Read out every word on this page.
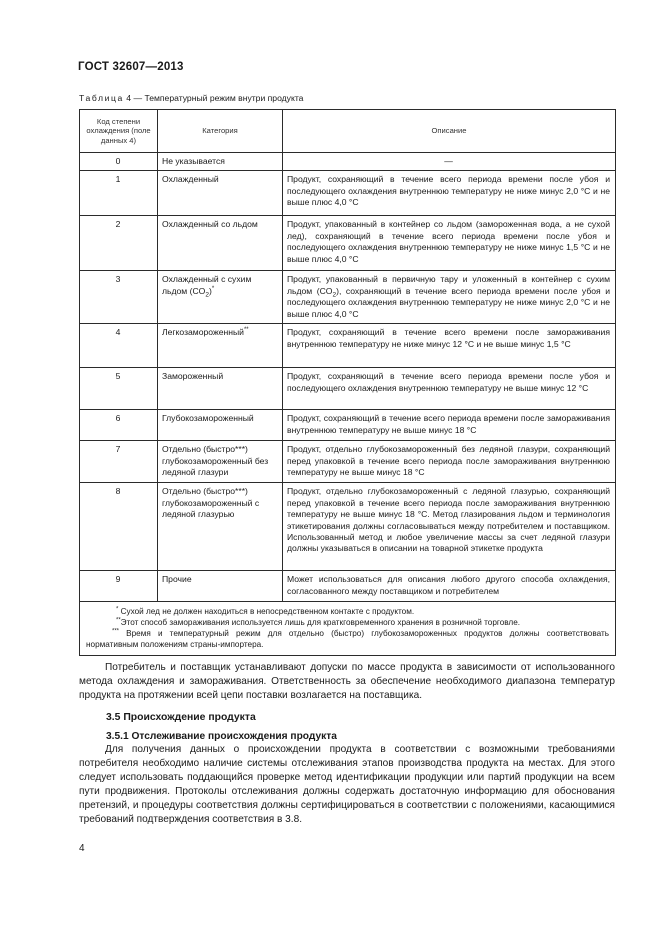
ГОСТ 32607—2013
Таблица 4 — Температурный режим внутри продукта
Код степени охлаждения (поле данных 4)	Категория	Описание
0	Не указывается	—
1	Охлажденный	Продукт, сохраняющий в течение всего периода времени после убоя и последующего охлаждения внутреннюю температуру не ниже минус 2,0 °C и не выше плюс 4,0 °C
2	Охлажденный со льдом	Продукт, упакованный в контейнер со льдом (замороженная вода, а не сухой лед), сохраняющий в течение всего периода времени после убоя и последующего охлаждения внутреннюю температуру не ниже минус 1,5 °C и не выше плюс 4,0 °C
3	Охлажденный с сухим льдом $(CO_2)^*$	Продукт, упакованный в первичную тару и уложенный в контейнер с сухим льдом $(CO_2)$, сохраняющий в течение всего периода времени после убоя и последующего охлаждения внутреннюю температуру не ниже минус 2,0 °C и не выше плюс 4,0 °C
4	Легкозамороженный**	Продукт, сохраняющий в течение всего времени после замораживания внутреннюю температуру не ниже минус 12 °C и не выше минус 1,5 °C
5	Замороженный	Продукт, сохраняющий в течение всего периода времени после убоя и последующего охлаждения внутреннюю температуру не выше минус 12 °C
6	Глубокозамороженный	Продукт, сохраняющий в течение всего периода времени после замораживания внутреннюю температуру не выше минус 18 °C
7	Отдельно (быстро***) глубокозамороженный без ледяной глазури	Продукт, отдельно глубокозамороженный без ледяной глазури, сохраняющий перед упаковкой в течение всего периода после замораживания внутреннюю температуру не выше минус 18 °C
8	Отдельно (быстро***) глубокозамороженный с ледяной глазурью	Продукт, отдельно глубокозамороженный с ледяной глазурью, сохраняющий перед упаковкой в течение всего периода после замораживания внутреннюю температуру не выше минус 18 °C. Метод глазирования льдом и терминология этикетирования должны согласовываться между потребителем и поставщиком. Использованный метод и любое увеличение массы за счет ледяной глазури должны указываться в описании на товарной этикетке продукта
9	Прочие	Может использоваться для описания любого другого способа охлаждения, согласованного между поставщиком и потребителем

* Сухой лед не должен находиться в непосредственном контакте с продуктом.
**Этот способ замораживания используется лишь для краткговременного хранения в розничной торговле.
*** Время и температурный режим для отдельно (быстро) глубокозамороженных продуктов должны соответствовать нормативным положениям страны-импортера.		
Потребитель и поставщик устанавливают допуски по массе продукта в зависимости от использованного метода охлаждения и замораживания. Ответственность за обеспечение необходимого диапазона температур продукта на протяжении всей цепи поставки возлагается на поставщика.
3.5 Происхождение продукта
3.5.1 Отслеживание происхождения продукта
Для получения данных о происхождении продукта в соответствии с возможными требованиями потребителя необходимо наличие системы отслеживания этапов производства продукта на местах. Для этого следует использовать поддающийся проверке метод идентификации продукции или партий продукции на всем пути продвижения. Протоколы отслеживания должны содержать достаточную информацию для обоснования претензий, и процедуры соответствия должны сертифицироваться в соответствии с положениями, касающимися требований подтверждения соответствия в 3.8.
4
